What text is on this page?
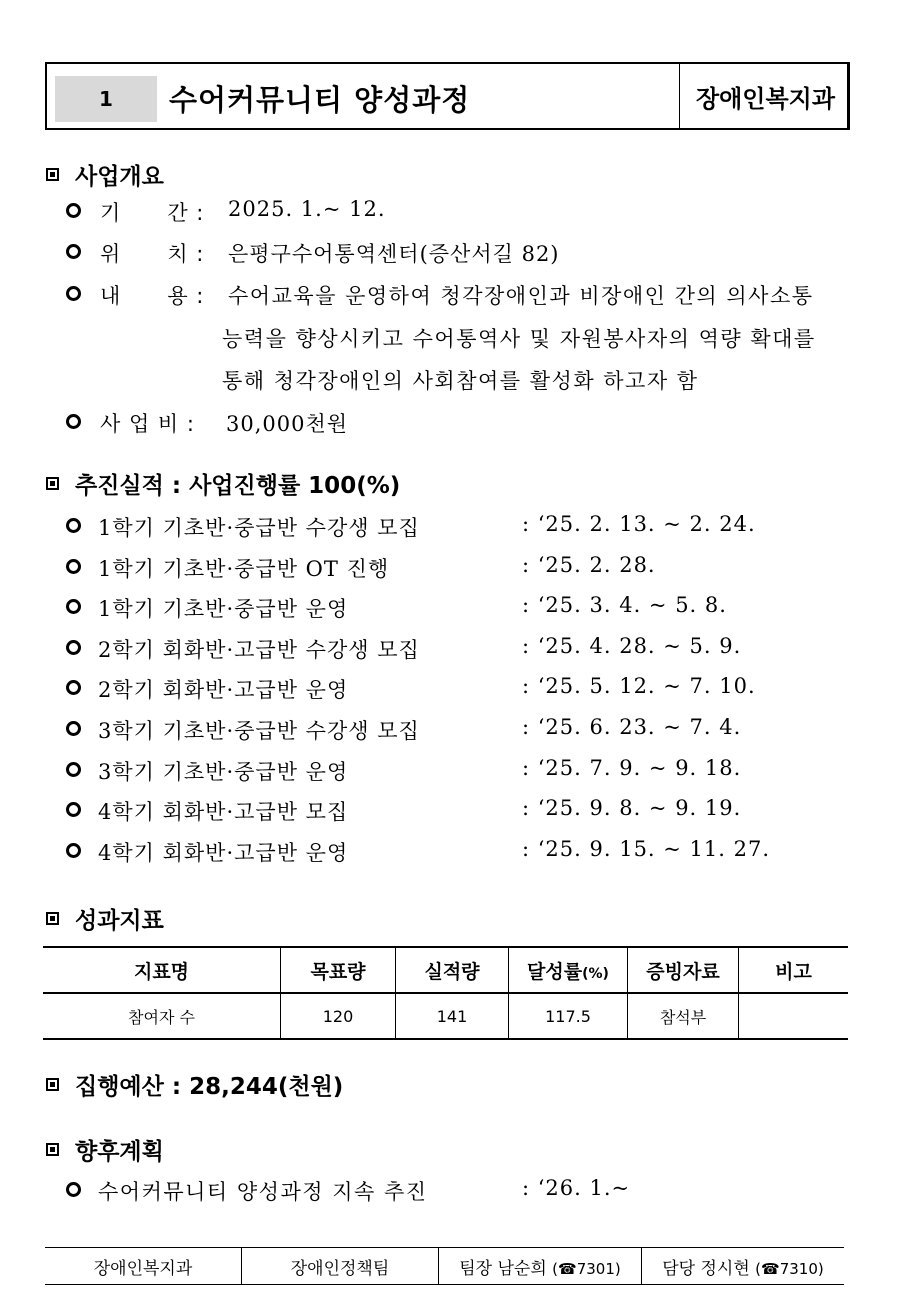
1	수어커뮤니티 양성과정	장애인복지과
사업개요
기      간 : 2025. 1.~ 12.
위      치 : 은평구수어통역센터(증산서길 82)
내      용 : 수어교육을 운영하여 청각장애인과 비장애인 간의 의사소통
능력을 향상시키고 수어통역사 및 자원봉사자의 역량 확대를
통해 청각장애인의 사회참여를 활성화 하고자 함
사 업 비 : 30,000천원
추진실적 : 사업진행률 100(%)
1학기 기초반·중급반 수강생 모집	: ‘25. 2. 13. ~ 2. 24.
1학기 기초반·중급반 OT 진행	: ‘25. 2. 28.
1학기 기초반·중급반 운영	: ‘25. 3. 4. ~ 5. 8.
2학기 회화반·고급반 수강생 모집	: ‘25. 4. 28. ~ 5. 9.
2학기 회화반·고급반 운영	: ‘25. 5. 12. ~ 7. 10.
3학기 기초반·중급반 수강생 모집	: ‘25. 6. 23. ~ 7. 4.
3학기 기초반·중급반 운영	: ‘25. 7. 9. ~ 9. 18.
4학기 회화반·고급반 모집	: ‘25. 9. 8. ~ 9. 19.
4학기 회화반·고급반 운영	: ‘25. 9. 15. ~ 11. 27.
성과지표
지표명	목표량	실적량	달성률(%)	증빙자료	비고
참여자 수	120	141	117.5	참석부	
집행예산 : 28,244(천원)
향후계획
수어커뮤니티 양성과정 지속 추진	: ‘26. 1.~
장애인복지과	장애인정책팀	팀장 남순희 (☎7301)	담당 정시현 (☎7310)
